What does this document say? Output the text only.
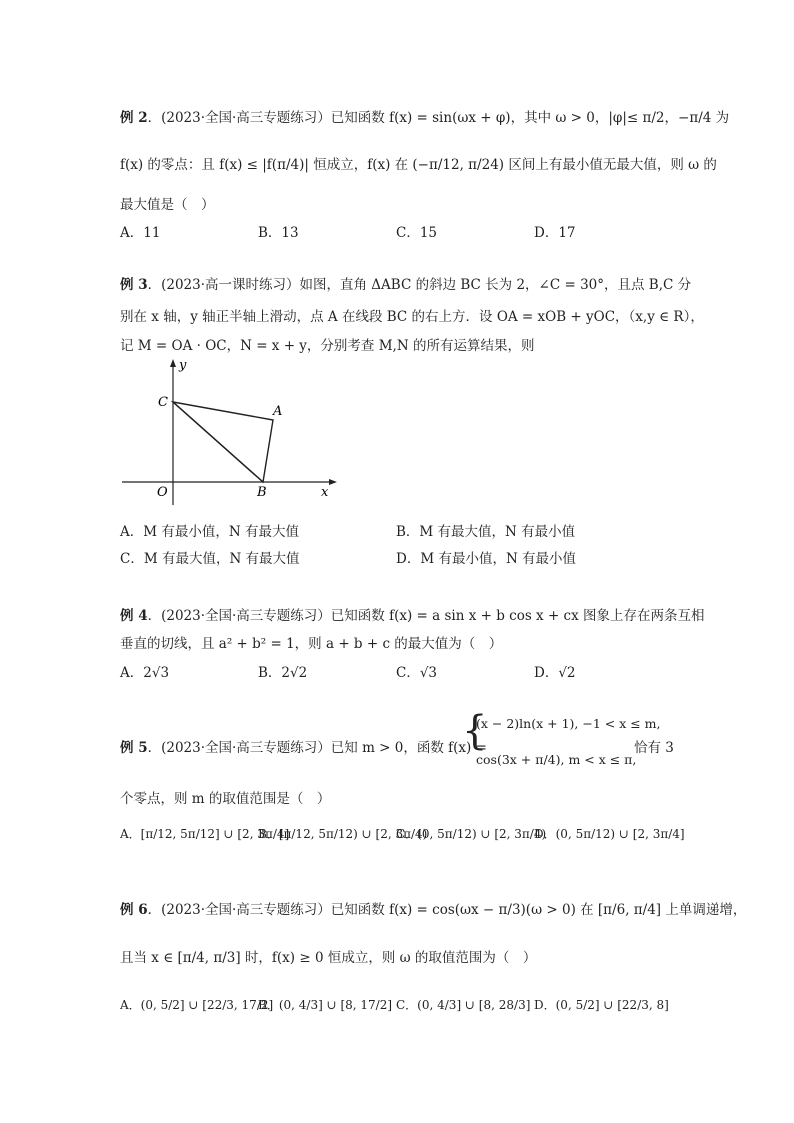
例 2．(2023·全国·高三专题练习）已知函数 f(x) = sin(ωx + φ)，其中 ω > 0，|φ|≤ π/2，−π/4 为
f(x) 的零点：且 f(x) ≤ |f(π/4)| 恒成立，f(x) 在 (−π/12, π/24) 区间上有最小值无最大值，则 ω 的
最大值是（　）
A．11	B．13	C．15	D．17
例 3．(2023·高一课时练习）如图，直角 ΔABC 的斜边 BC 长为 2，∠C = 30°，且点 B,C 分
别在 x 轴，y 轴正半轴上滑动，点 A 在线段 BC 的右上方．设 OA = xOB + yOC，（x,y ∈ R），
记 M = OA · OC，N = x + y，分别考查 M,N 的所有运算结果，则
y
x
O	B
C
A
A．M 有最小值，N 有最大值	B．M 有最大值，N 有最小值
C．M 有最大值，N 有最大值	D．M 有最小值，N 有最小值
例 4．(2023·全国·高三专题练习）已知函数 f(x) = a sin x + b cos x + cx 图象上存在两条互相
垂直的切线，且 a² + b² = 1，则 a + b + c 的最大值为（　）
A．2√3	B．2√2	C．√3	D．√2
例 5．(2023·全国·高三专题练习）已知 m > 0，函数 f(x) =
{
(x − 2)ln(x + 1), −1 < x ≤ m,
cos(3x + π/4), m < x ≤ π,
恰有 3
个零点，则 m 的取值范围是（　）
A．[π/12, 5π/12] ∪ [2, 3π/4]
B．[π/12, 5π/12) ∪ [2, 3π/4)
C．(0, 5π/12) ∪ [2, 3π/4)
D．(0, 5π/12) ∪ [2, 3π/4]
例 6．(2023·全国·高三专题练习）已知函数 f(x) = cos(ωx − π/3)(ω > 0) 在 [π/6, π/4] 上单调递增，
且当 x ∈ [π/4, π/3] 时，f(x) ≥ 0 恒成立，则 ω 的取值范围为（　）
A．(0, 5/2] ∪ [22/3, 17/2]
B．(0, 4/3] ∪ [8, 17/2] C．(0, 4/3] ∪ [8, 28/3] D．(0, 5/2] ∪ [22/3, 8]
